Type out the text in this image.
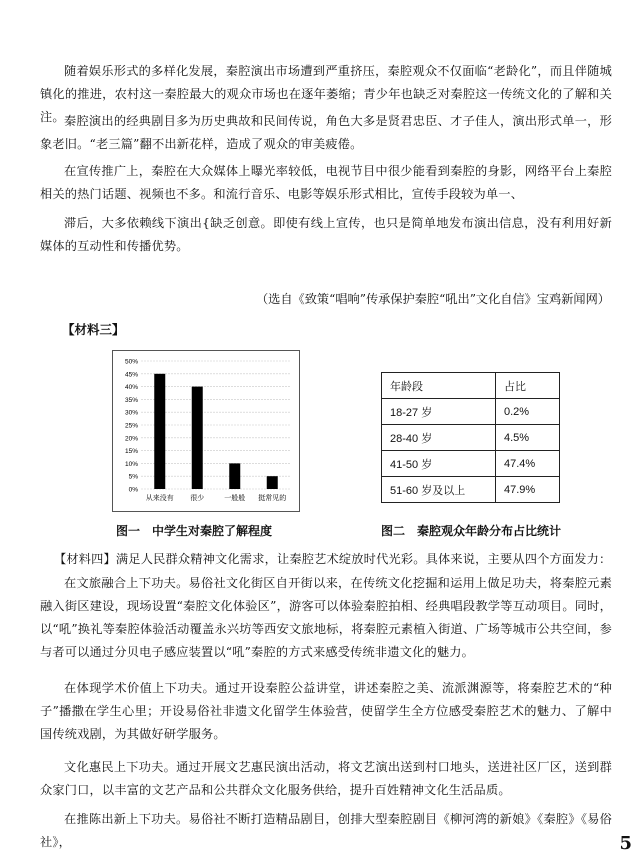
随着娱乐形式的多样化发展，秦腔演出市场遭到严重挤压，秦腔观众不仅面临“老龄化”，而且伴随城镇化的推进，农村这一秦腔最大的观众市场也在逐年萎缩；青少年也缺乏对秦腔这一传统文化的了解和关注。 秦腔演出的经典剧目多为历史典故和民间传说，角色大多是贤君忠臣、才子佳人，演出形式单一，形象老旧。“老三篇”翻不出新花样，造成了观众的审美疲倦。
在宣传推广上，秦腔在大众媒体上曝光率较低，电视节目中很少能看到秦腔的身影，网络平台上秦腔相关的热门话题、视频也不多。和流行音乐、电影等娱乐形式相比，宣传手段较为单一、
滞后，大多依赖线下演出{缺乏创意。即使有线上宣传，也只是简单地发布演出信息，没有利用好新媒体的互动性和传播优势。
（选自《致策“唱响”传承保护秦腔“吼出”文化自信》宝鸡新闻网）
【材料三】
0%
5%
10%
15%
20%
25%
30%
35%
40%
45%
50%
从来没有 很少	一般般 挺常见的
年龄段	占比
18-27 岁	0.2%
28-40 岁	4.5%
41-50 岁	47.4%
51-60 岁及以上	47.9%
图一　中学生对秦腔了解程度	图二　秦腔观众年龄分布占比统计
【材料四】满足人民群众精神文化需求，让秦腔艺术绽放时代光彩。具体来说，主要从四个方面发力：
在文旅融合上下功夫。易俗社文化街区自开街以来，在传统文化挖掘和运用上做足功夫，将秦腔元素融入街区建设，现场设置“秦腔文化体验区”，游客可以体验秦腔拍相、经典唱段教学等互动项目。同时，以“吼”换礼等秦腔体验活动覆盖永兴坊等西安文旅地标，将秦腔元素植入街道、广场等城市公共空间，参与者可以通过分贝电子感应装置以“吼”秦腔的方式来感受传统非遗文化的魅力。
在体现学术价值上下功夫。通过开设秦腔公益讲堂，讲述秦腔之美、流派渊源等，将秦腔艺术的“种子”播撒在学生心里；开设易俗社非遗文化留学生体验营，使留学生全方位感受秦腔艺术的魅力、了解中国传统戏剧，为其做好研学服务。
文化惠民上下功夫。通过开展文艺惠民演出活动，将文艺演出送到村口地头，送进社区厂区，送到群众家门口，以丰富的文艺产品和公共群众文化服务供给，提升百姓精神文化生活品质。
在推陈出新上下功夫。易俗社不断打造精品剧目，创排大型秦腔剧目《柳河湾的新娘》《秦腔》《易俗社》，	5
